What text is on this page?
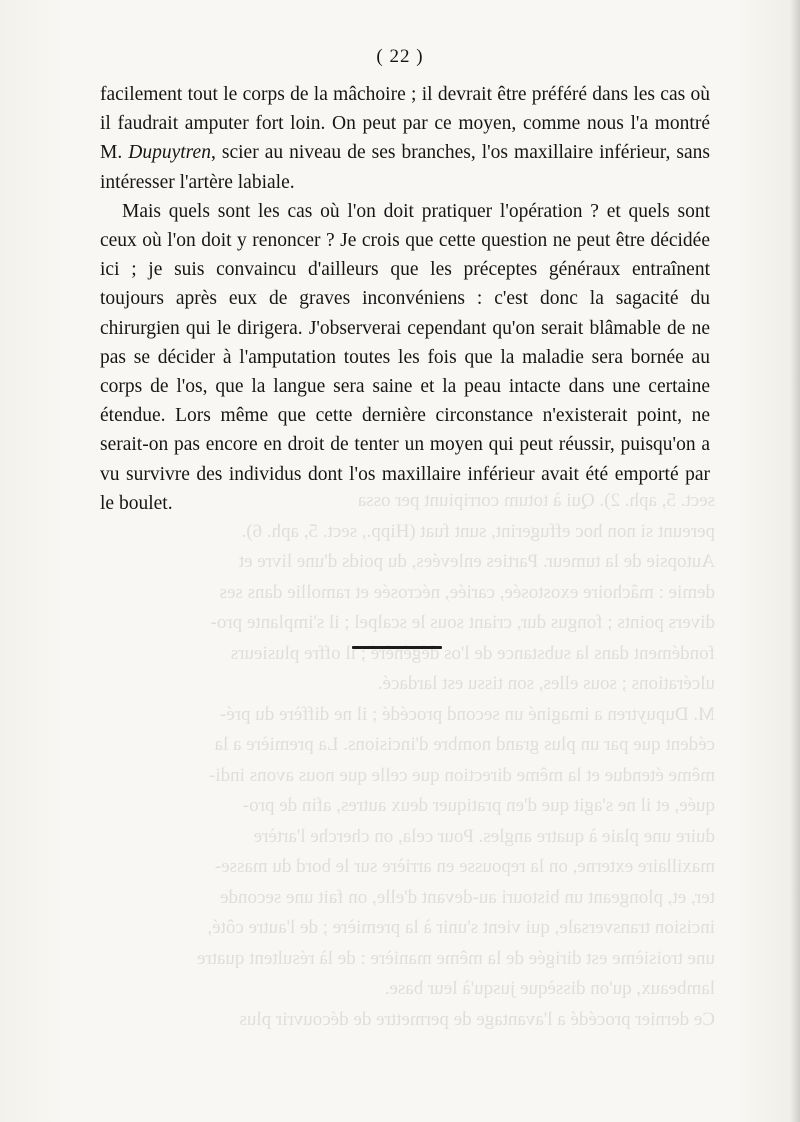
sect. 5, aph. 2). Qui à totum corripiunt per ossa

pereunt si non hoc effugerint, sunt fuat (Hipp., sect. 5, aph. 6).

Autopsie de la tumeur. Parties enlevées, du poids d'une livre et

demie : mâchoire exostosée, cariée, nécrosée et ramollie dans ses

divers points ; fongus dur, criant sous le scalpel ; il s'implante pro-

fondément dans la substance de l'os dégénéré ; il offre plusieurs

ulcérations ; sous elles, son tissu est lardacé.

M. Dupuytren a imaginé un second procédé ; il ne diffère du pré-

cédent que par un plus grand nombre d'incisions. La première a la

même étendue et la même direction que celle que nous avons indi-

quée, et il ne s'agit que d'en pratiquer deux autres, afin de pro-

duire une plaie à quatre angles. Pour cela, on cherche l'artère

maxillaire externe, on la repousse en arrière sur le bord du masse-

ter, et, plongeant un bistouri au-devant d'elle, on fait une seconde

incision transversale, qui vient s'unir à la première ; de l'autre côté,

une troisième est dirigée de la même manière : de là résultent quatre

lambeaux, qu'on dissèque jusqu'à leur base.

Ce dernier procédé a l'avantage de permettre de découvrir plus

( 22 )

facilement tout le corps de la mâchoire ; il devrait être préféré dans les cas où il faudrait amputer fort loin. On peut par ce moyen, comme nous l'a montré M. Dupuytren, scier au niveau de ses branches, l'os maxillaire inférieur, sans intéresser l'artère labiale.

Mais quels sont les cas où l'on doit pratiquer l'opération ? et quels sont ceux où l'on doit y renoncer ? Je crois que cette question ne peut être décidée ici ; je suis convaincu d'ailleurs que les préceptes généraux entraînent toujours après eux de graves inconvéniens : c'est donc la sagacité du chirurgien qui le dirigera. J'observerai cependant qu'on serait blâmable de ne pas se décider à l'amputation toutes les fois que la maladie sera bornée au corps de l'os, que la langue sera saine et la peau intacte dans une certaine étendue. Lors même que cette dernière circonstance n'existerait point, ne serait-on pas encore en droit de tenter un moyen qui peut réussir, puisqu'on a vu survivre des individus dont l'os maxillaire inférieur avait été emporté par le boulet.
